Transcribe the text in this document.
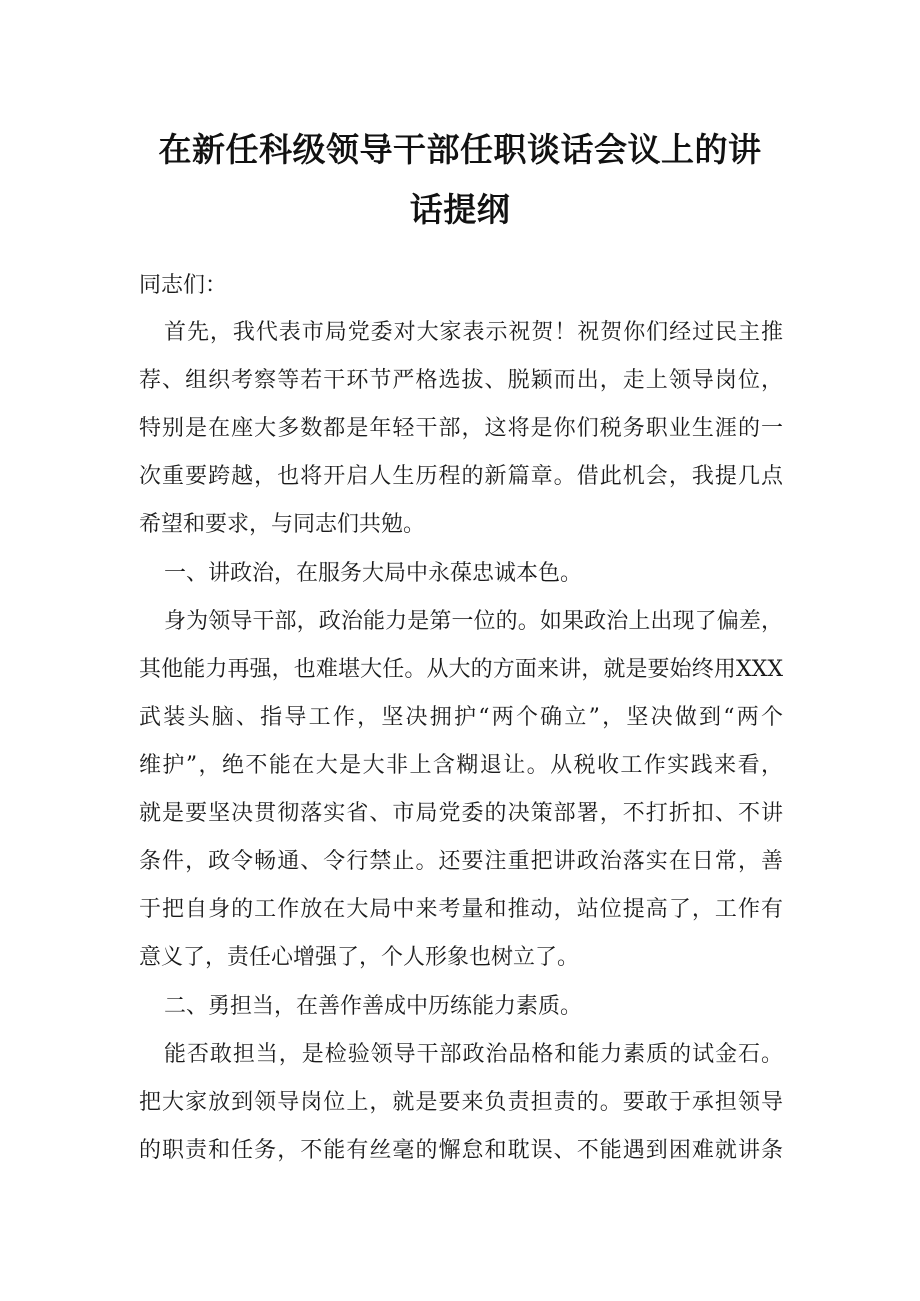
在新任科级领导干部任职谈话会议上的讲
话提纲

同志们：

首先，我代表市局党委对大家表示祝贺！祝贺你们经过民主推

荐、组织考察等若干环节严格选拔、脱颖而出，走上领导岗位，

特别是在座大多数都是年轻干部，这将是你们税务职业生涯的一

次重要跨越，也将开启人生历程的新篇章。借此机会，我提几点

希望和要求，与同志们共勉。

一、讲政治，在服务大局中永葆忠诚本色。

身为领导干部，政治能力是第一位的。如果政治上出现了偏差，

其他能力再强，也难堪大任。从大的方面来讲，就是要始终用XXX

武装头脑、指导工作，坚决拥护“两个确立”，坚决做到“两个

维护”，绝不能在大是大非上含糊退让。从税收工作实践来看，

就是要坚决贯彻落实省、市局党委的决策部署，不打折扣、不讲

条件，政令畅通、令行禁止。还要注重把讲政治落实在日常，善

于把自身的工作放在大局中来考量和推动，站位提高了，工作有

意义了，责任心增强了，个人形象也树立了。

二、勇担当，在善作善成中历练能力素质。

能否敢担当，是检验领导干部政治品格和能力素质的试金石。

把大家放到领导岗位上，就是要来负责担责的。要敢于承担领导

的职责和任务，不能有丝毫的懈怠和耽误、不能遇到困难就讲条
